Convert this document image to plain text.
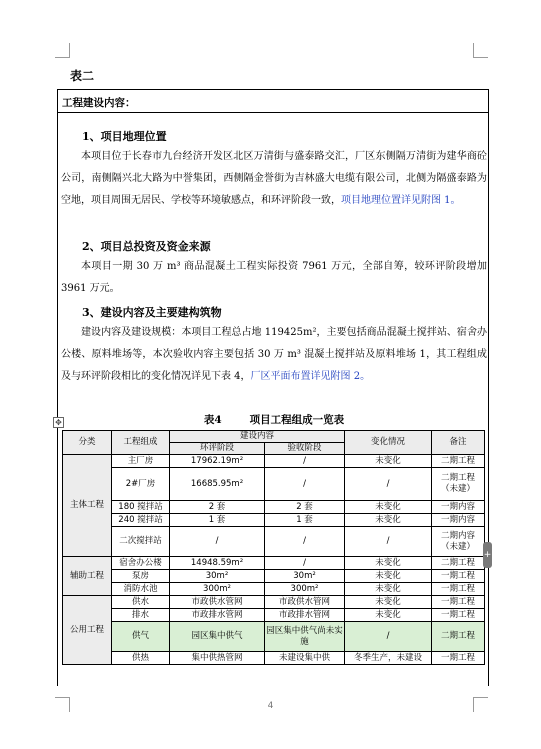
表二
工程建设内容：
1、项目地理位置
本项目位于长春市九台经济开发区北区万清街与盛泰路交汇，厂区东侧隔万清街为建华商砼公司，南侧隔兴北大路为中誉集团，西侧隔金誉街为吉林盛大电缆有限公司，北侧为隔盛泰路为空地，项目周围无居民、学校等环境敏感点，和环评阶段一致，项目地理位置详见附图 1。
2、项目总投资及资金来源
本项目一期 30 万 m³ 商品混凝土工程实际投资 7961 万元，全部自筹，较环评阶段增加 3961 万元。
3、建设内容及主要建构筑物
建设内容及建设规模：本项目工程总占地 119425m²，主要包括商品混凝土搅拌站、宿舍办公楼、原料堆场等，本次验收内容主要包括 30 万 m³ 混凝土搅拌站及原料堆场 1，其工程组成及与环评阶段相比的变化情况详见下表 4，厂区平面布置详见附图 2。
✥	表4	项目工程组成一览表
分类	工程组成	建设内容		变化情况	备注
		环评阶段	验收阶段		
主体工程	主厂房	17962.19m²	/	未变化	二期工程
	2#厂房	16685.95m²	/	/	二期工程（未建）
	180 搅拌站	2 套	2 套	未变化	一期内容
	240 搅拌站	1 套	1 套	未变化	一期内容
	二次搅拌站	/	/	/	二期内容（未建）
辅助工程	宿舍办公楼	14948.59m²	/	未变化	二期工程
	泵房	30m²	30m²	未变化	一期工程
	消防水池	300m²	300m²	未变化	一期工程
公用工程	供水	市政供水管网	市政供水管网	未变化	一期工程
	排水	市政排水管网	市政排水管网	未变化	一期工程
	供气	园区集中供气	园区集中供气尚未实施	/	二期工程
	供热	集中供热管网	未建设集中供	冬季生产，未建设	一期工程
+
4
